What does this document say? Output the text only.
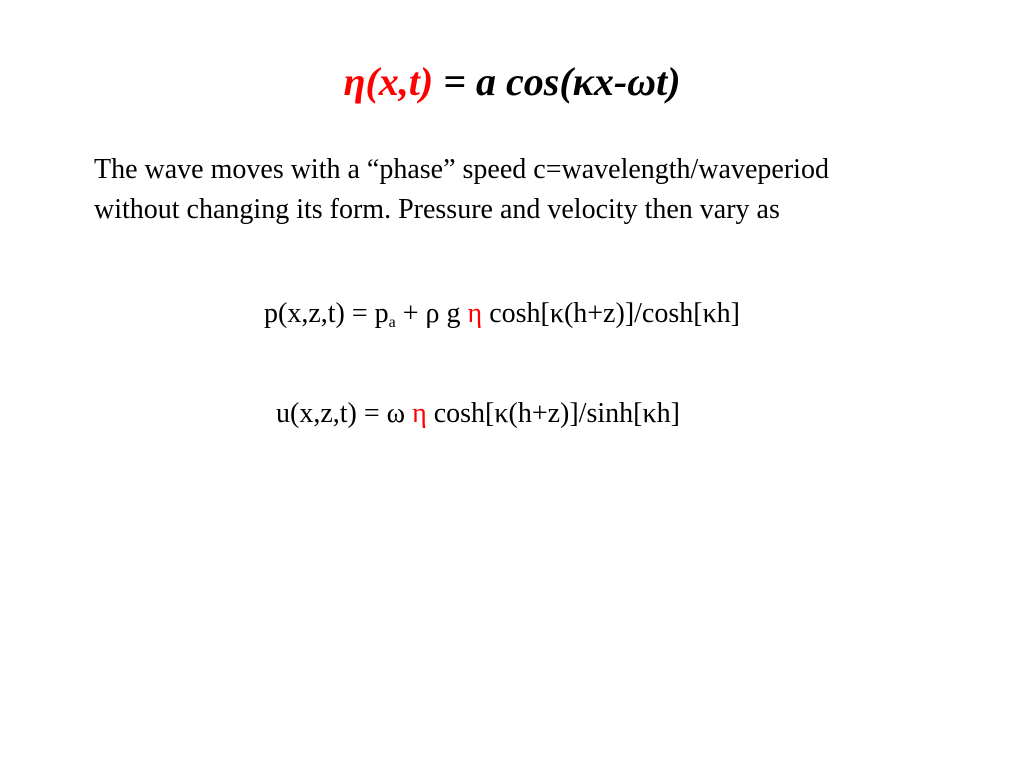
η(x,t) = a cos(κx-ωt)
The wave moves with a “phase” speed c=wavelength/waveperiod
without changing its form. Pressure and velocity then vary as
$p(x,z,t) = p_a + \rho$ g η cosh[κ(h+z)]/cosh[κh]
u(x,z,t) = ω η cosh[κ(h+z)]/sinh[κh]
